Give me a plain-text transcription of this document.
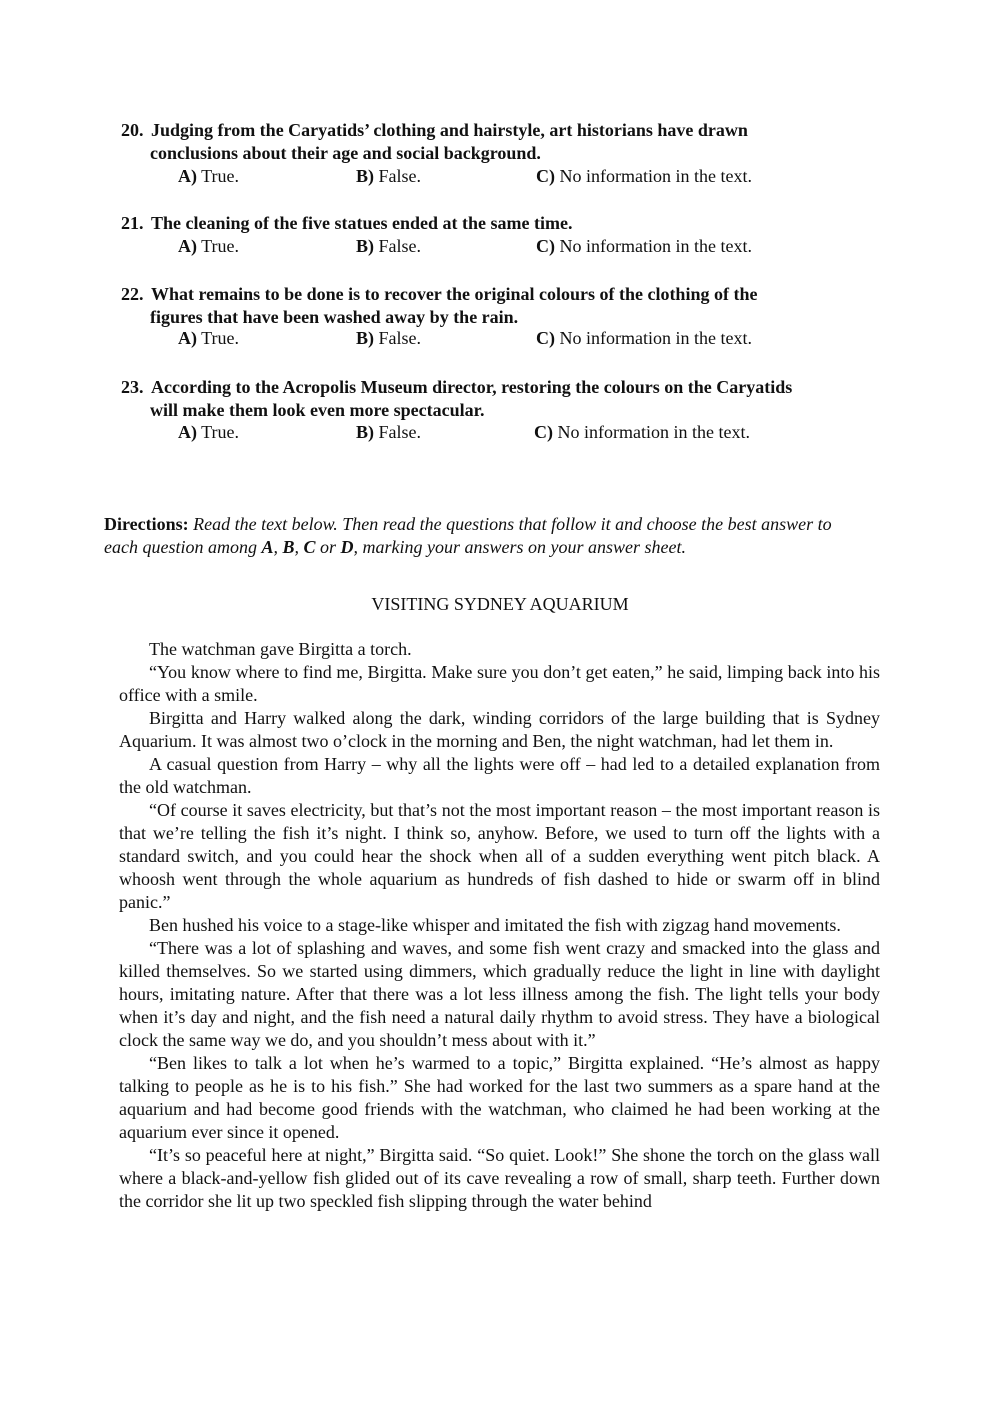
20. Judging from the Caryatids’ clothing and hairstyle, art historians have drawn
conclusions about their age and social background.
A) True.	B) False.	C) No information in the text.
21. The cleaning of the five statues ended at the same time.
A) True.	B) False.	C) No information in the text.
22. What remains to be done is to recover the original colours of the clothing of the
figures that have been washed away by the rain.
A) True.	B) False.	C) No information in the text.
23. According to the Acropolis Museum director, restoring the colours on the Caryatids
will make them look even more spectacular.
A) True.	B) False.	C) No information in the text.
Directions: Read the text below. Then read the questions that follow it and choose the best answer to each question among A, B, C or D, marking your answers on your answer sheet.
VISITING SYDNEY AQUARIUM

The watchman gave Birgitta a torch.

“You know where to find me, Birgitta. Make sure you don’t get eaten,” he said, limping back into his office with a smile.

Birgitta and Harry walked along the dark, winding corridors of the large building that is Sydney Aquarium. It was almost two o’clock in the morning and Ben, the night watchman, had let them in.

A casual question from Harry – why all the lights were off – had led to a detailed explanation from the old watchman.

“Of course it saves electricity, but that’s not the most important reason – the most important reason is that we’re telling the fish it’s night. I think so, anyhow. Before, we used to turn off the lights with a standard switch, and you could hear the shock when all of a sudden everything went pitch black. A whoosh went through the whole aquarium as hundreds of fish dashed to hide or swarm off in blind panic.”

Ben hushed his voice to a stage-like whisper and imitated the fish with zigzag hand movements.

“There was a lot of splashing and waves, and some fish went crazy and smacked into the glass and killed themselves. So we started using dimmers, which gradually reduce the light in line with daylight hours, imitating nature. After that there was a lot less illness among the fish. The light tells your body when it’s day and night, and the fish need a natural daily rhythm to avoid stress. They have a biological clock the same way we do, and you shouldn’t mess about with it.”

“Ben likes to talk a lot when he’s warmed to a topic,” Birgitta explained. “He’s almost as happy talking to people as he is to his fish.” She had worked for the last two summers as a spare hand at the aquarium and had become good friends with the watchman, who claimed he had been working at the aquarium ever since it opened.

“It’s so peaceful here at night,” Birgitta said. “So quiet. Look!” She shone the torch on the glass wall where a black-and-yellow fish glided out of its cave revealing a row of small, sharp teeth. Further down the corridor she lit up two speckled fish slipping through the water behind
